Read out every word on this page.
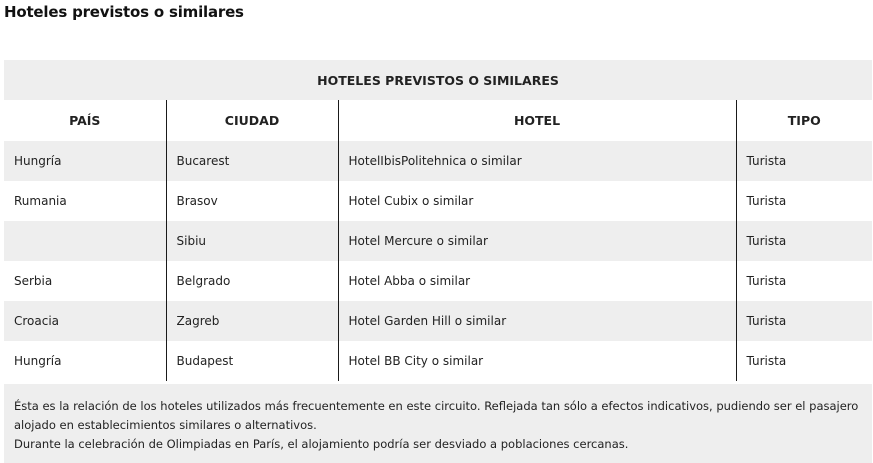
Hoteles previstos o similares
HOTELES PREVISTOS O SIMILARES			
PAÍS	CIUDAD	HOTEL	TIPO
Hungría	Bucarest	HotelIbisPolitehnica o similar	Turista
Rumania	Brasov	Hotel Cubix o similar	Turista
	Sibiu	Hotel Mercure o similar	Turista
Serbia	Belgrado	Hotel Abba o similar	Turista
Croacia	Zagreb	Hotel Garden Hill o similar	Turista
Hungría	Budapest	Hotel BB City o similar	Turista

Ésta es la relación de los hoteles utilizados más frecuentemente en este circuito. Reflejada tan sólo a efectos indicativos, pudiendo ser el pasajero alojado en establecimientos similares o alternativos.

Durante la celebración de Olimpiadas en París, el alojamiento podría ser desviado a poblaciones cercanas.
